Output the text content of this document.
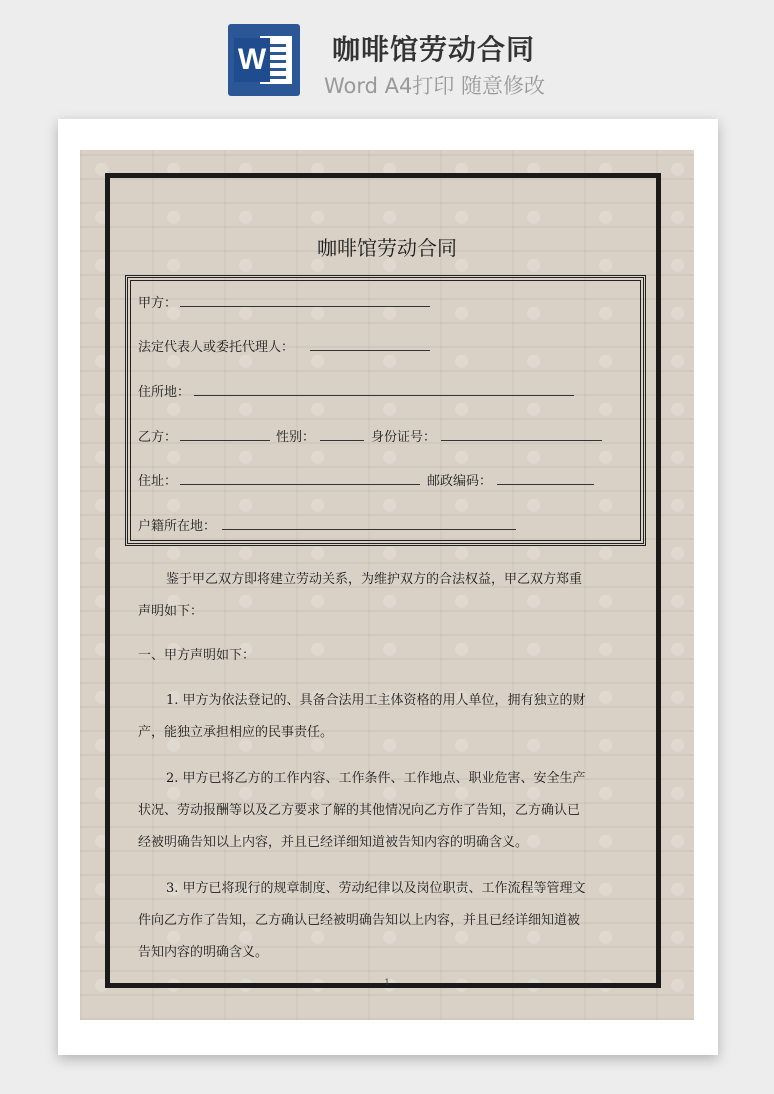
W 咖啡馆劳动合同
Word A4打印 随意修改
咖啡馆劳动合同
甲方：
法定代表人或委托代理人：
住所地：
乙方：	性别：	身份证号：
住址：	邮政编码：
户籍所在地：
鉴于甲乙双方即将建立劳动关系，为维护双方的合法权益，甲乙双方郑重
声明如下：
一、甲方声明如下：
1. 甲方为依法登记的、具备合法用工主体资格的用人单位，拥有独立的财
产，能独立承担相应的民事责任。
2. 甲方已将乙方的工作内容、工作条件、工作地点、职业危害、安全生产
状况、劳动报酬等以及乙方要求了解的其他情况向乙方作了告知，乙方确认已
经被明确告知以上内容，并且已经详细知道被告知内容的明确含义。
3. 甲方已将现行的规章制度、劳动纪律以及岗位职责、工作流程等管理文
件向乙方作了告知，乙方确认已经被明确告知以上内容，并且已经详细知道被
告知内容的明确含义。
1
